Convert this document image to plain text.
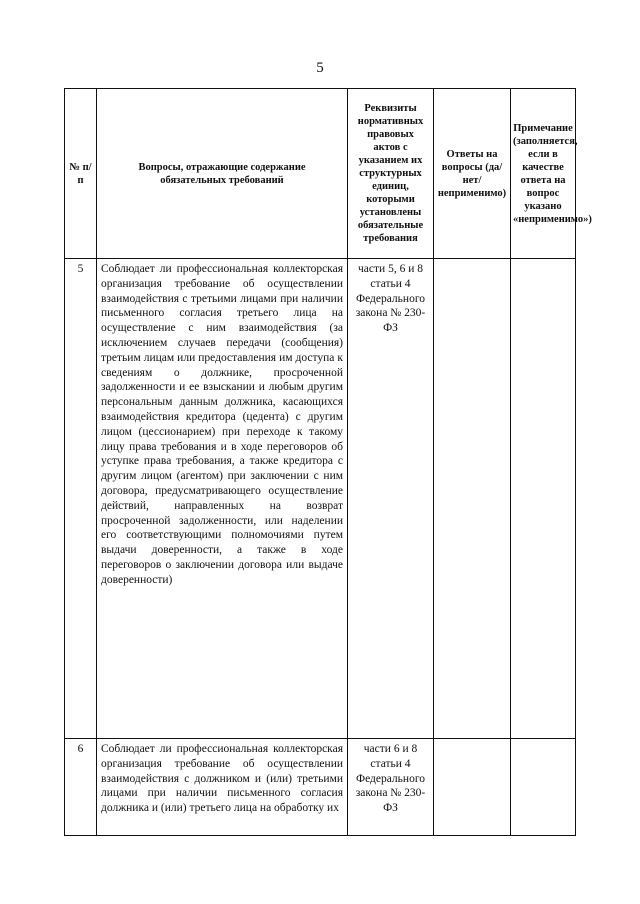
5
№ п/п	Вопросы, отражающие содержание обязательных требований	Реквизиты нормативных правовых актов с указанием их структурных единиц, которыми установлены обязательные требования	Ответы на вопросы (да/нет/ неприменимо)	Примечание (заполняется, если в качестве ответа на вопрос указано «неприменимо»)
5	Соблюдает ли профессиональная коллекторская организация требование об осуществлении взаимодействия с третьими лицами при наличии письменного согласия третьего лица на осуществление с ним взаимодействия (за исключением случаев передачи (сообщения) третьим лицам или предоставления им доступа к сведениям о должнике, просроченной задолженности и ее взыскании и любым другим персональным данным должника, касающихся взаимодействия кредитора (цедента) с другим лицом (цессионарием) при переходе к такому лицу права требования и в ходе переговоров об уступке права требования, а также кредитора с другим лицом (агентом) при заключении с ним договора, предусматривающего осуществление действий, направленных на возврат просроченной задолженности, или наделении его соответствующими полномочиями путем выдачи доверенности, а также в ходе переговоров о заключении договора или выдаче доверенности)	части 5, 6 и 8 статьи 4 Федерального закона № 230-ФЗ		
6	Соблюдает ли профессиональная коллекторская организация требование об осуществлении взаимодействия с должником и (или) третьими лицами при наличии письменного согласия должника и (или) третьего лица на обработку их	части 6 и 8 статьи 4 Федерального закона № 230-ФЗ		
